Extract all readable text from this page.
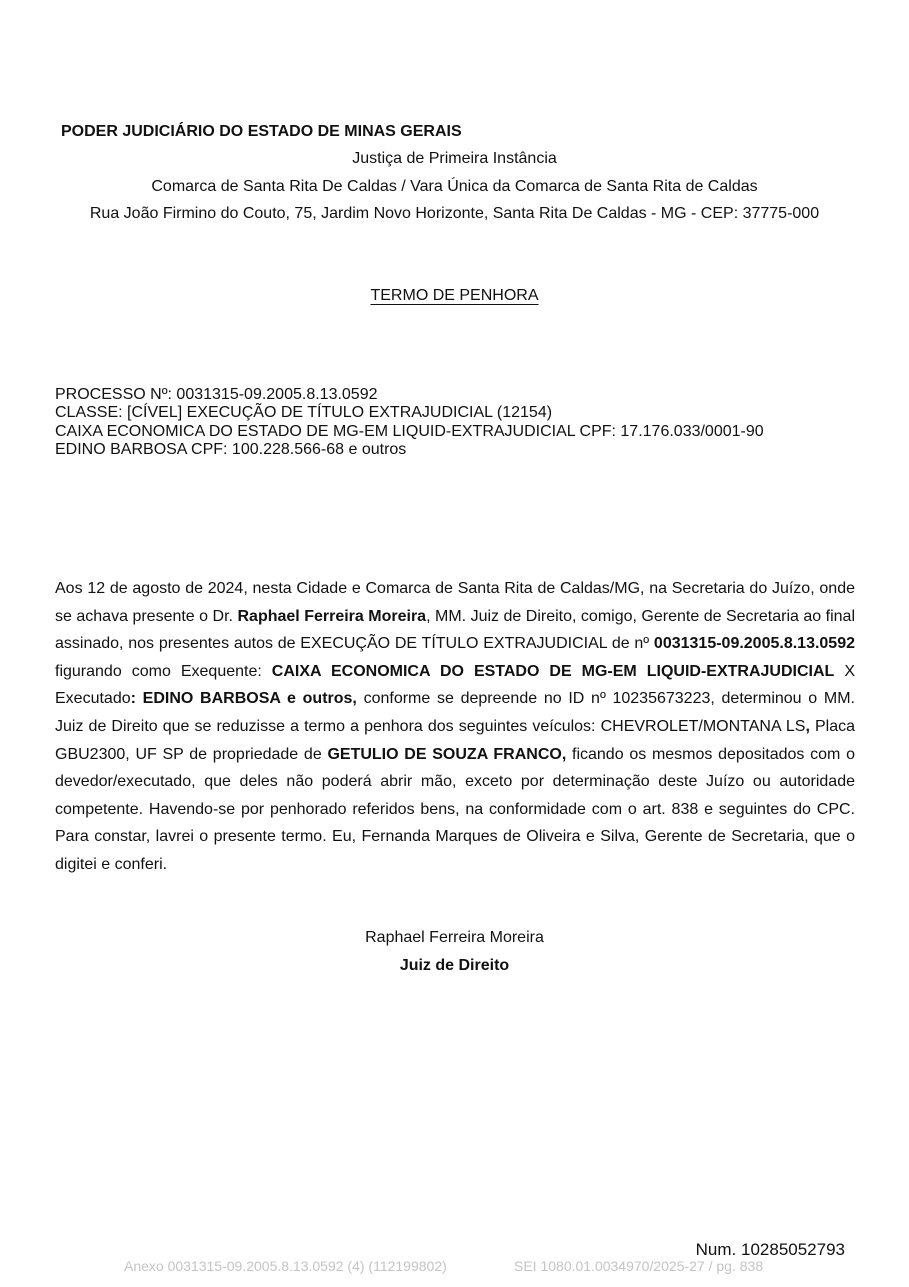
PODER JUDICIÁRIO DO ESTADO DE MINAS GERAIS
Justiça de Primeira Instância
Comarca de Santa Rita De Caldas / Vara Única da Comarca de Santa Rita de Caldas
Rua João Firmino do Couto, 75, Jardim Novo Horizonte, Santa Rita De Caldas - MG - CEP: 37775-000
TERMO DE PENHORA
PROCESSO Nº: 0031315-09.2005.8.13.0592
CLASSE: [CÍVEL] EXECUÇÃO DE TÍTULO EXTRAJUDICIAL (12154)
CAIXA ECONOMICA DO ESTADO DE MG-EM LIQUID-EXTRAJUDICIAL CPF: 17.176.033/0001-90
EDINO BARBOSA CPF: 100.228.566-68 e outros

Aos 12 de agosto de 2024, nesta Cidade e Comarca de Santa Rita de Caldas/MG, na Secretaria do Juízo, onde se achava presente o Dr. Raphael Ferreira Moreira, MM. Juiz de Direito, comigo, Gerente de Secretaria ao final assinado, nos presentes autos de EXECUÇÃO DE TÍTULO EXTRAJUDICIAL de nº 0031315-09.2005.8.13.0592 figurando como Exequente: CAIXA ECONOMICA DO ESTADO DE MG-EM LIQUID-EXTRAJUDICIAL X Executado: EDINO BARBOSA e outros, conforme se depreende no ID nº 10235673223, determinou o MM. Juiz de Direito que se reduzisse a termo a penhora dos seguintes veículos: CHEVROLET/MONTANA LS, Placa GBU2300, UF SP de propriedade de GETULIO DE SOUZA FRANCO, ficando os mesmos depositados com o devedor/executado, que deles não poderá abrir mão, exceto por determinação deste Juízo ou autoridade competente. Havendo-se por penhorado referidos bens, na conformidade com o art. 838 e seguintes do CPC. Para constar, lavrei o presente termo. Eu, Fernanda Marques de Oliveira e Silva, Gerente de Secretaria, que o digitei e conferi.

Raphael Ferreira Moreira
Juiz de Direito
Num. 10285052793
Anexo 0031315-09.2005.8.13.0592 (4) (112199802)	SEI 1080.01.0034970/2025-27 / pg. 838
